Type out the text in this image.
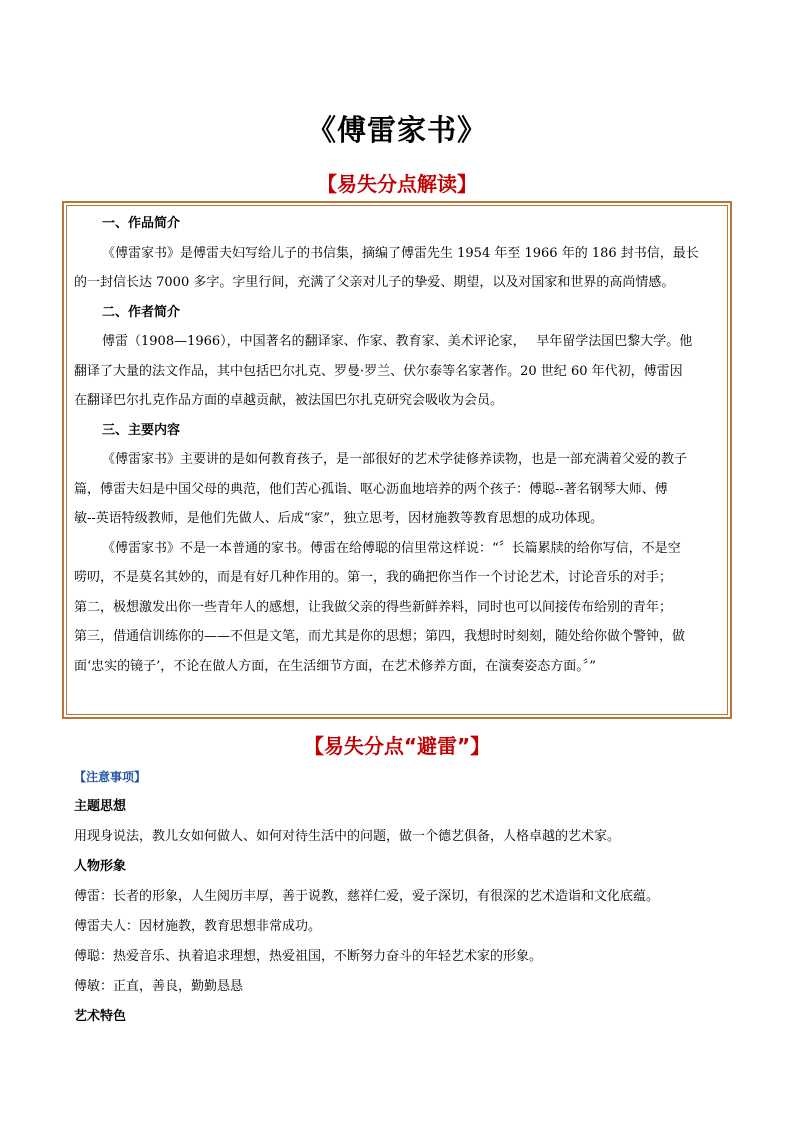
《傅雷家书》
【易失分点解读】
一、作品简介
《傅雷家书》是傅雷夫妇写给儿子的书信集，摘编了傅雷先生 1954 年至 1966 年的 186 封书信，最长
的一封信长达 7000 多字。字里行间，充满了父亲对儿子的挚爱、期望，以及对国家和世界的高尚情感。
二、作者简介
傅雷（1908—1966），中国著名的翻译家、作家、教育家、美术评论家，　 早年留学法国巴黎大学。他
翻译了大量的法文作品，其中包括巴尔扎克、罗曼·罗兰、伏尔泰等名家著作。20 世纪 60 年代初，傅雷因
在翻译巴尔扎克作品方面的卓越贡献，被法国巴尔扎克研究会吸收为会员。
三、主要内容
《傅雷家书》主要讲的是如何教育孩子，是一部很好的艺术学徒修养读物，也是一部充满着父爱的教子
篇，傅雷夫妇是中国父母的典范，他们苦心孤诣、呕心沥血地培养的两个孩子：傅聪--著名钢琴大师、傅
敏--英语特级教师，是他们先做人、后成“家”，独立思考，因材施教等教育思想的成功体现。
《傅雷家书》不是一本普通的家书。傅雷在给傅聪的信里常这样说：“〞长篇累牍的给你写信，不是空
唠叨，不是莫名其妙的，而是有好几种作用的。第一，我的确把你当作一个讨论艺术，讨论音乐的对手；
第二，极想激发出你一些青年人的感想，让我做父亲的得些新鲜养料，同时也可以间接传布给别的青年；
第三，借通信训练你的——不但是文笔，而尤其是你的思想；第四，我想时时刻刻，随处给你做个警钟，做
面‘忠实的镜子’，不论在做人方面，在生活细节方面，在艺术修养方面，在演奏姿态方面。〞”
【易失分点“避雷”】
【注意事项】
主题思想
用现身说法，教儿女如何做人、如何对待生活中的问题，做一个德艺俱备，人格卓越的艺术家。
人物形象
傅雷：长者的形象，人生阅历丰厚，善于说教，慈祥仁爱，爱子深切，有很深的艺术造诣和文化底蕴。
傅雷夫人：因材施教，教育思想非常成功。
傅聪：热爱音乐、执着追求理想，热爱祖国，不断努力奋斗的年轻艺术家的形象。
傅敏：正直，善良，勤勤恳恳
艺术特色
